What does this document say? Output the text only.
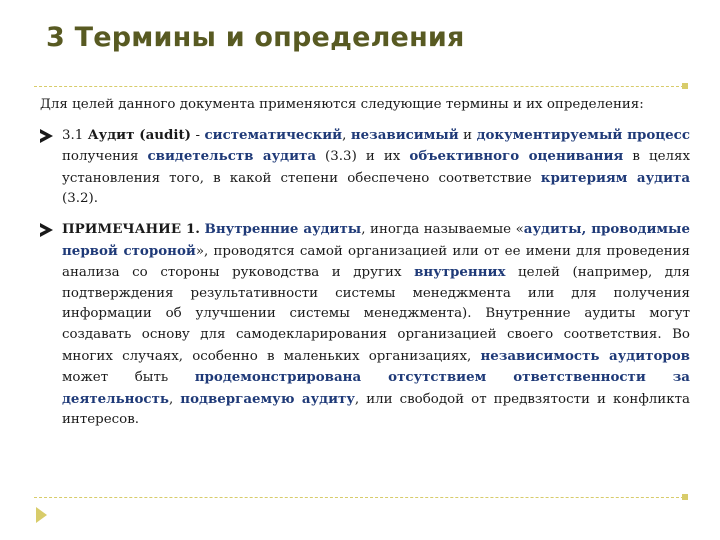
3 Термины и определения

Для целей данного документа применяются следующие термины и их определения:

3.1 Аудит (audit) - систематический, независимый и документируемый процесс получения свидетельств аудита (3.3) и их объективного оценивания в целях установления того, в какой степени обеспечено соответствие критериям аудита (3.2).

ПРИМЕЧАНИЕ 1. Внутренние аудиты, иногда называемые «аудиты, проводимые первой стороной», проводятся самой организацией или от ее имени для проведения анализа со стороны руководства и других внутренних целей (например, для подтверждения результативности системы менеджмента или для получения информации об улучшении системы менеджмента). Внутренние аудиты могут создавать основу для самодекларирования организацией своего соответствия. Во многих случаях, особенно в маленьких организациях, независимость аудиторов может быть продемонстрирована отсутствием ответственности за деятельность, подвергаемую аудиту, или свободой от предвзятости и конфликта интересов.
